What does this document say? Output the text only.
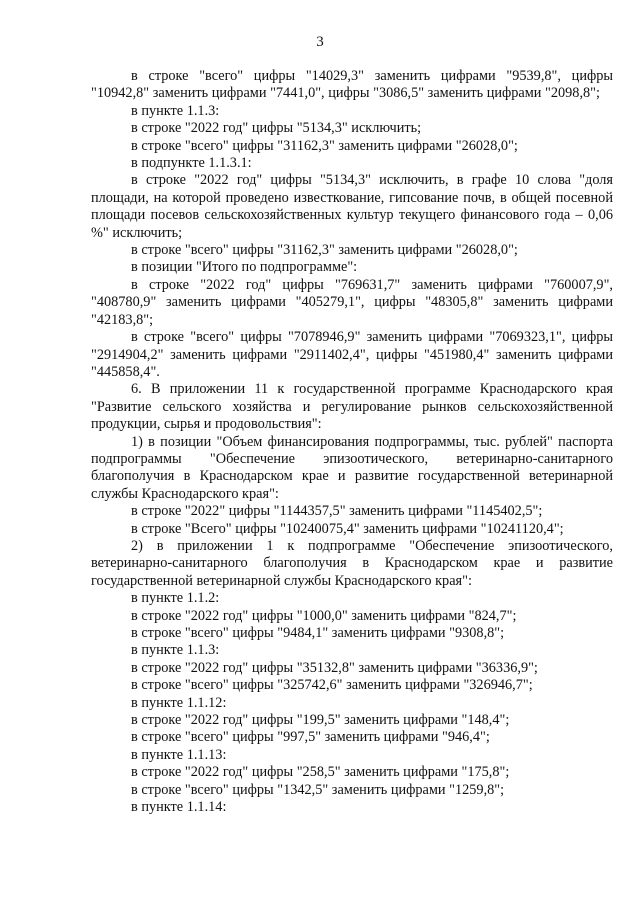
3

в строке "всего" цифры "14029,3" заменить цифрами "9539,8", цифры "10942,8" заменить цифрами "7441,0", цифры "3086,5" заменить цифрами "2098,8";

в пункте 1.1.3:

в строке "2022 год" цифры "5134,3" исключить;

в строке "всего" цифры "31162,3" заменить цифрами "26028,0";

в подпункте 1.1.3.1:

в строке "2022 год" цифры "5134,3" исключить, в графе 10 слова "доля площади, на которой проведено известкование, гипсование почв, в общей посевной площади посевов сельскохозяйственных культур текущего финансового года – 0,06 %" исключить;

в строке "всего" цифры "31162,3" заменить цифрами "26028,0";

в позиции "Итого по подпрограмме":

в строке "2022 год" цифры "769631,7" заменить цифрами "760007,9", "408780,9" заменить цифрами "405279,1", цифры "48305,8" заменить цифрами "42183,8";

в строке "всего" цифры "7078946,9" заменить цифрами "7069323,1", цифры "2914904,2" заменить цифрами "2911402,4", цифры "451980,4" заменить цифрами "445858,4".

6. В приложении 11 к государственной программе Краснодарского края "Развитие сельского хозяйства и регулирование рынков сельскохозяйственной продукции, сырья и продовольствия":

1) в позиции "Объем финансирования подпрограммы, тыс. рублей" паспорта подпрограммы "Обеспечение эпизоотического, ветеринарно-санитарного благополучия в Краснодарском крае и развитие государственной ветеринарной службы Краснодарского края":

в строке "2022" цифры "1144357,5" заменить цифрами "1145402,5";

в строке "Всего" цифры "10240075,4" заменить цифрами "10241120,4";

2) в приложении 1 к подпрограмме "Обеспечение эпизоотического, ветеринарно-санитарного благополучия в Краснодарском крае и развитие государственной ветеринарной службы Краснодарского края":

в пункте 1.1.2:

в строке "2022 год" цифры "1000,0" заменить цифрами "824,7";

в строке "всего" цифры "9484,1" заменить цифрами "9308,8";

в пункте 1.1.3:

в строке "2022 год" цифры "35132,8" заменить цифрами "36336,9";

в строке "всего" цифры "325742,6" заменить цифрами "326946,7";

в пункте 1.1.12:

в строке "2022 год" цифры "199,5" заменить цифрами "148,4";

в строке "всего" цифры "997,5" заменить цифрами "946,4";

в пункте 1.1.13:

в строке "2022 год" цифры "258,5" заменить цифрами "175,8";

в строке "всего" цифры "1342,5" заменить цифрами "1259,8";

в пункте 1.1.14:
